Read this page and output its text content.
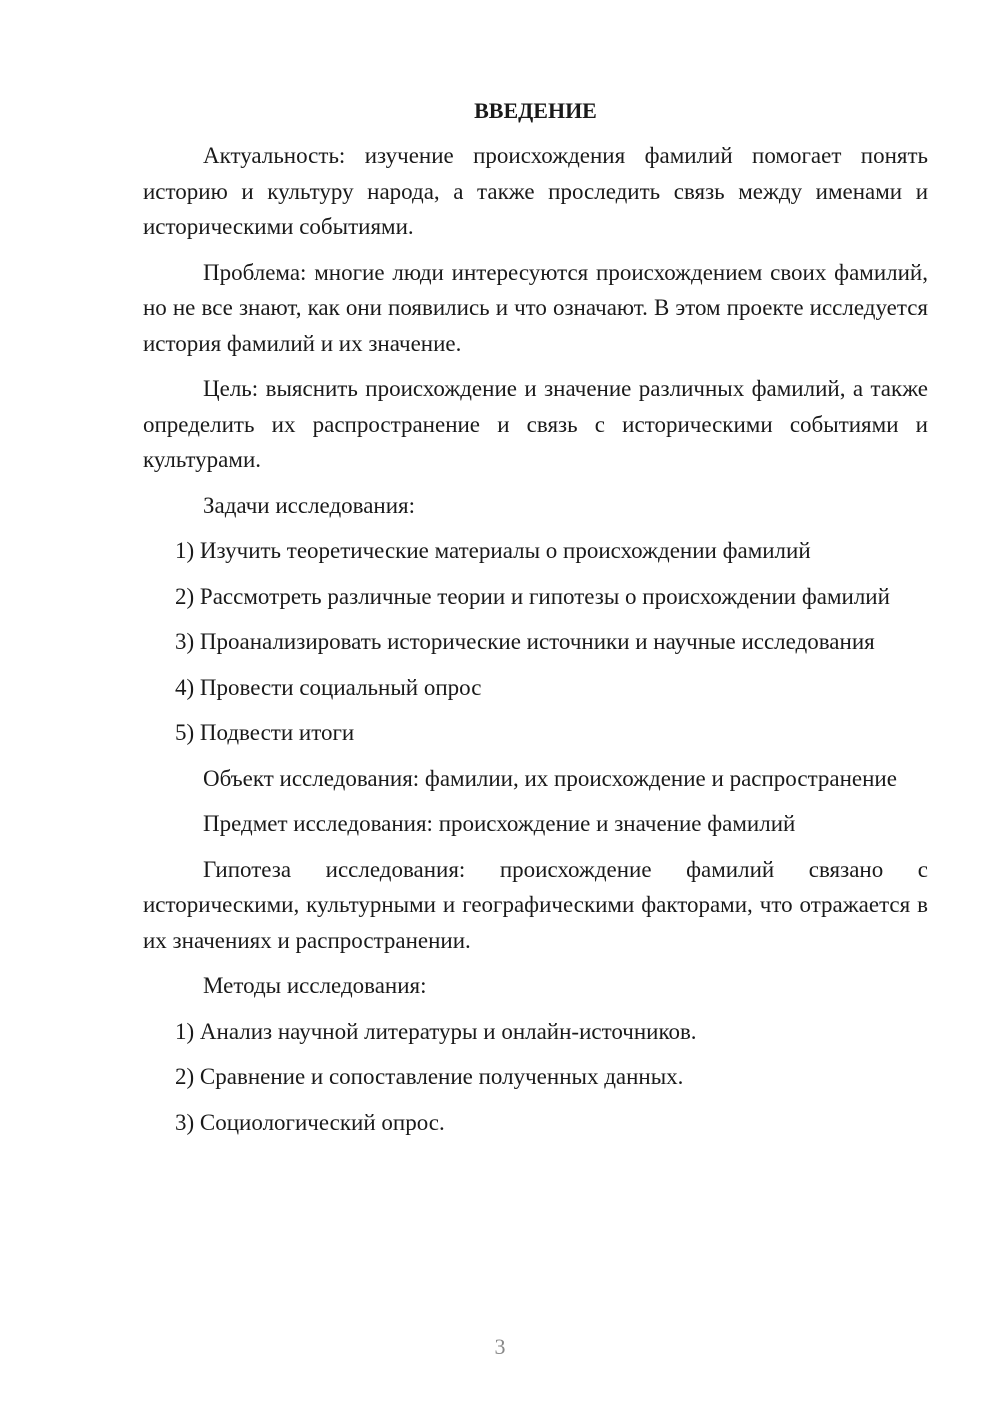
ВВЕДЕНИЕ
Актуальность: изучение происхождения фамилий помогает понять историю и культуру народа, а также проследить связь между именами и историческими событиями.
Проблема: многие люди интересуются происхождением своих фамилий, но не все знают, как они появились и что означают. В этом проекте исследуется история фамилий и их значение.
Цель: выяснить происхождение и значение различных фамилий, а также определить их распространение и связь с историческими событиями и культурами.
Задачи исследования:
1) Изучить теоретические материалы о происхождении фамилий
2) Рассмотреть различные теории и гипотезы о происхождении фамилий
3) Проанализировать исторические источники и научные исследования
4) Провести социальный опрос
5) Подвести итоги
Объект исследования: фамилии, их происхождение и распространение
Предмет исследования: происхождение и значение фамилий
Гипотеза исследования: происхождение фамилий связано с историческими, культурными и географическими факторами, что отражается в их значениях и распространении.
Методы исследования:
1) Анализ научной литературы и онлайн-источников.
2) Сравнение и сопоставление полученных данных.
3) Социологический опрос.
3
